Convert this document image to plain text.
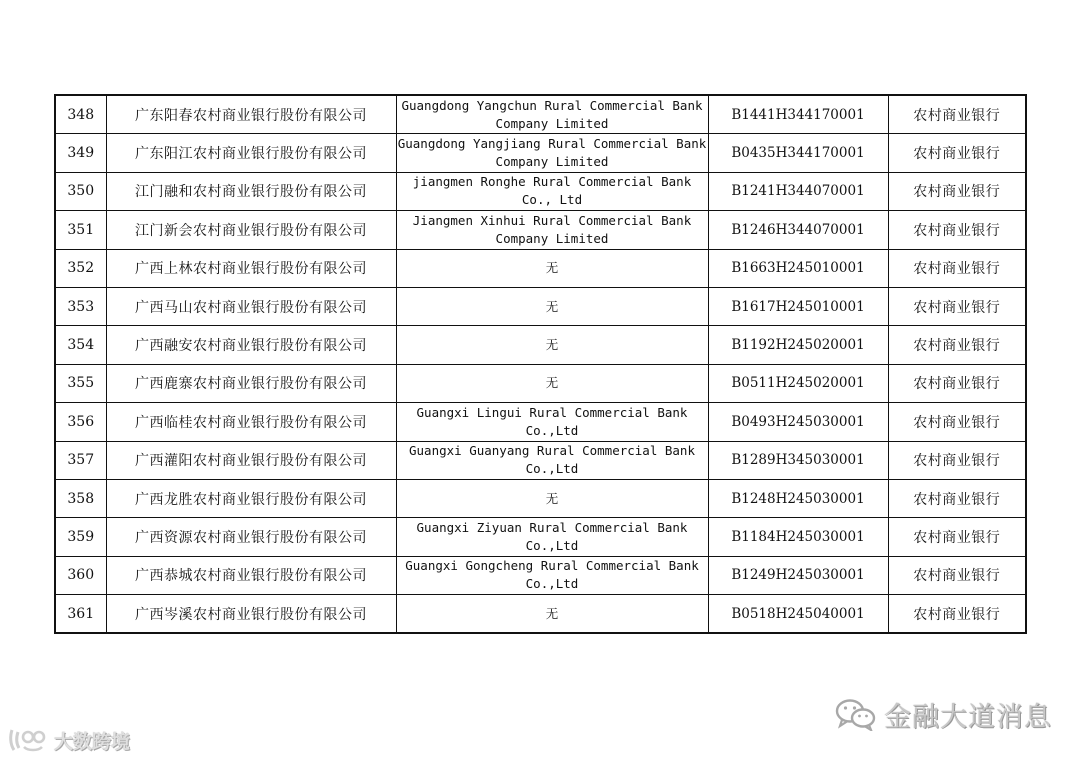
348	广东阳春农村商业银行股份有限公司	Guangdong Yangchun Rural Commercial Bank Company Limited	B1441H344170001	农村商业银行
349	广东阳江农村商业银行股份有限公司	Guangdong Yangjiang Rural Commercial Bank Company Limited	B0435H344170001	农村商业银行
350	江门融和农村商业银行股份有限公司	jiangmen Ronghe Rural Commercial Bank Co., Ltd	B1241H344070001	农村商业银行
351	江门新会农村商业银行股份有限公司	Jiangmen Xinhui Rural Commercial Bank Company Limited	B1246H344070001	农村商业银行
352	广西上林农村商业银行股份有限公司	无	B1663H245010001	农村商业银行
353	广西马山农村商业银行股份有限公司	无	B1617H245010001	农村商业银行
354	广西融安农村商业银行股份有限公司	无	B1192H245020001	农村商业银行
355	广西鹿寨农村商业银行股份有限公司	无	B0511H245020001	农村商业银行
356	广西临桂农村商业银行股份有限公司	Guangxi Lingui Rural Commercial Bank Co.,Ltd	B0493H245030001	农村商业银行
357	广西灌阳农村商业银行股份有限公司	Guangxi Guanyang Rural Commercial Bank Co.,Ltd	B1289H345030001	农村商业银行
358	广西龙胜农村商业银行股份有限公司	无	B1248H245030001	农村商业银行
359	广西资源农村商业银行股份有限公司	Guangxi Ziyuan Rural Commercial Bank Co.,Ltd	B1184H245030001	农村商业银行
360	广西恭城农村商业银行股份有限公司	Guangxi Gongcheng Rural Commercial Bank Co.,Ltd	B1249H245030001	农村商业银行
361	广西岑溪农村商业银行股份有限公司	无	B0518H245040001	农村商业银行
金融大道消息
大数跨境
